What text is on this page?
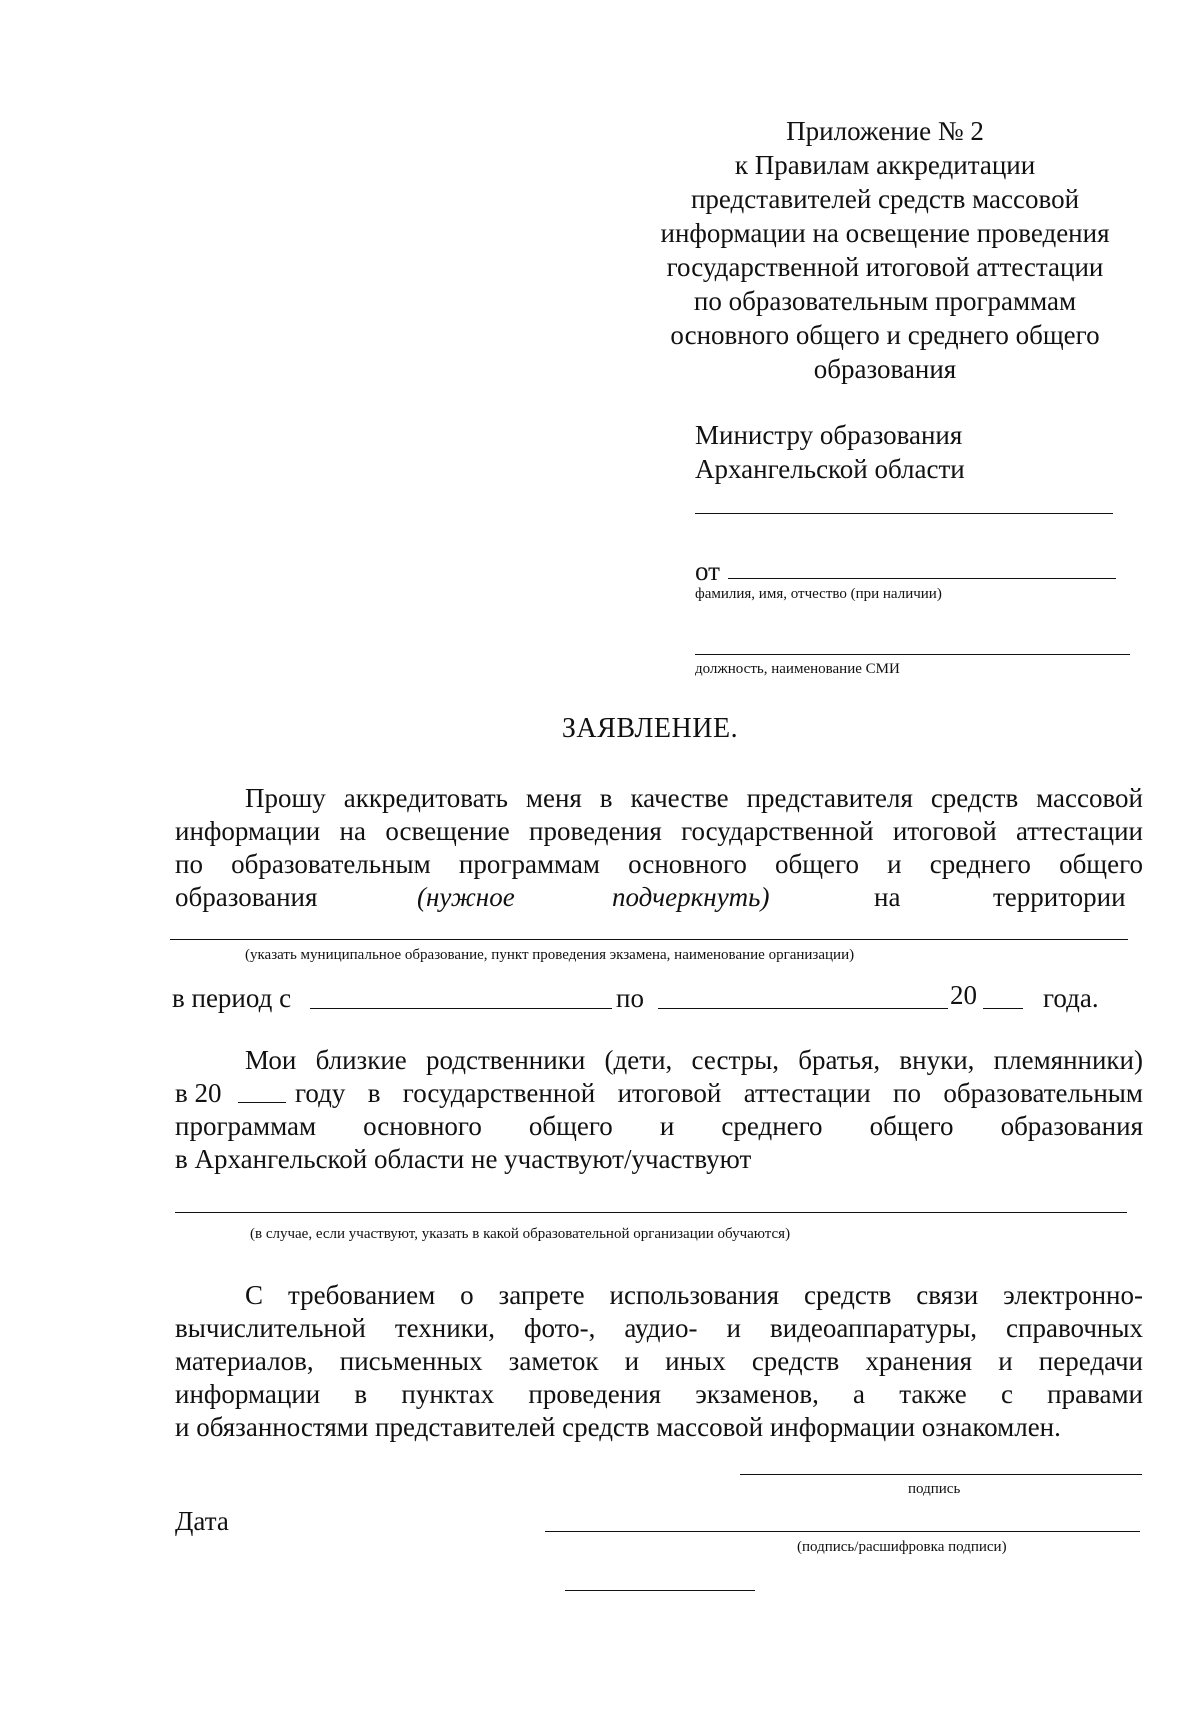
Приложение № 2
к Правилам аккредитации
представителей средств массовой
информации на освещение проведения
государственной итоговой аттестации
по образовательным программам
основного общего и среднего общего
образования
Министру образования
Архангельской области
от
фамилия, имя, отчество (при наличии)
должность, наименование СМИ
ЗАЯВЛЕНИЕ.
Прошу аккредитовать меня в качестве представителя средств массовой
информации на освещение проведения государственной итоговой аттестации
по образовательным программам основного общего и среднего общего
образования	(нужное	подчеркнуть)	на	территории
(указать муниципальное образование, пункт проведения экзамена, наименование организации)
в период с	по	20 года.
Мои близкие родственники (дети, сестры, братья, внуки, племянники)
в 20	году в государственной итоговой аттестации по образовательным
программам основного общего и среднего общего образования
в Архангельской области не участвуют/участвуют
(в случае, если участвуют, указать в какой образовательной организации обучаются)
С требованием о запрете использования средств связи электронно-
вычислительной техники, фото-, аудио- и видеоаппаратуры, справочных
материалов, письменных заметок и иных средств хранения и передачи
информации в пунктах проведения экзаменов, а также с правами
и обязанностями представителей средств массовой информации ознакомлен.
подпись
Дата
(подпись/расшифровка подписи)
